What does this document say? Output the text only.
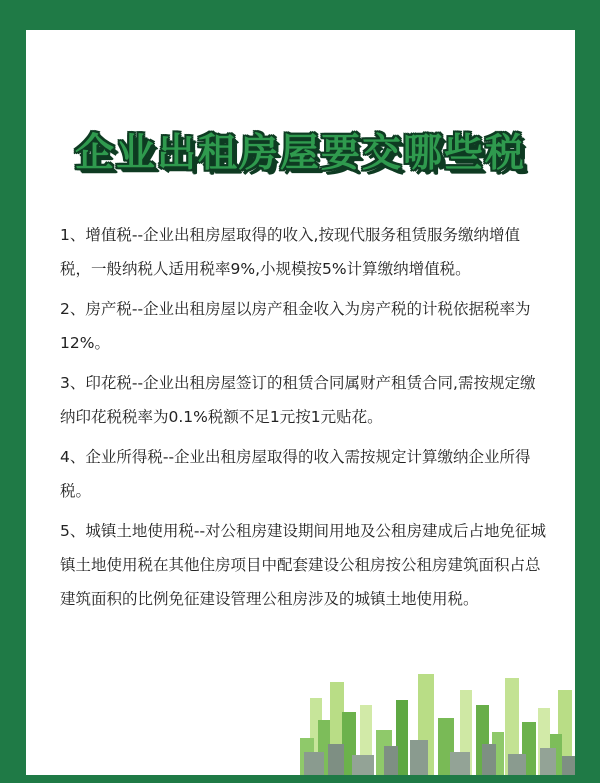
企业出租房屋要交哪些税

1、增值税--企业出租房屋取得的收入,按现代服务租赁服务缴纳增值税，一般纳税人适用税率9%,小规模按5%计算缴纳增值税。

2、房产税--企业出租房屋以房产租金收入为房产税的计税依据税率为12%。

3、印花税--企业出租房屋签订的租赁合同属财产租赁合同,需按规定缴纳印花税税率为0.1%税额不足1元按1元贴花。

4、企业所得税--企业出租房屋取得的收入需按规定计算缴纳企业所得税。

5、城镇土地使用税--对公租房建设期间用地及公租房建成后占地免征城镇土地使用税在其他住房项目中配套建设公租房按公租房建筑面积占总建筑面积的比例免征建设管理公租房涉及的城镇土地使用税。
